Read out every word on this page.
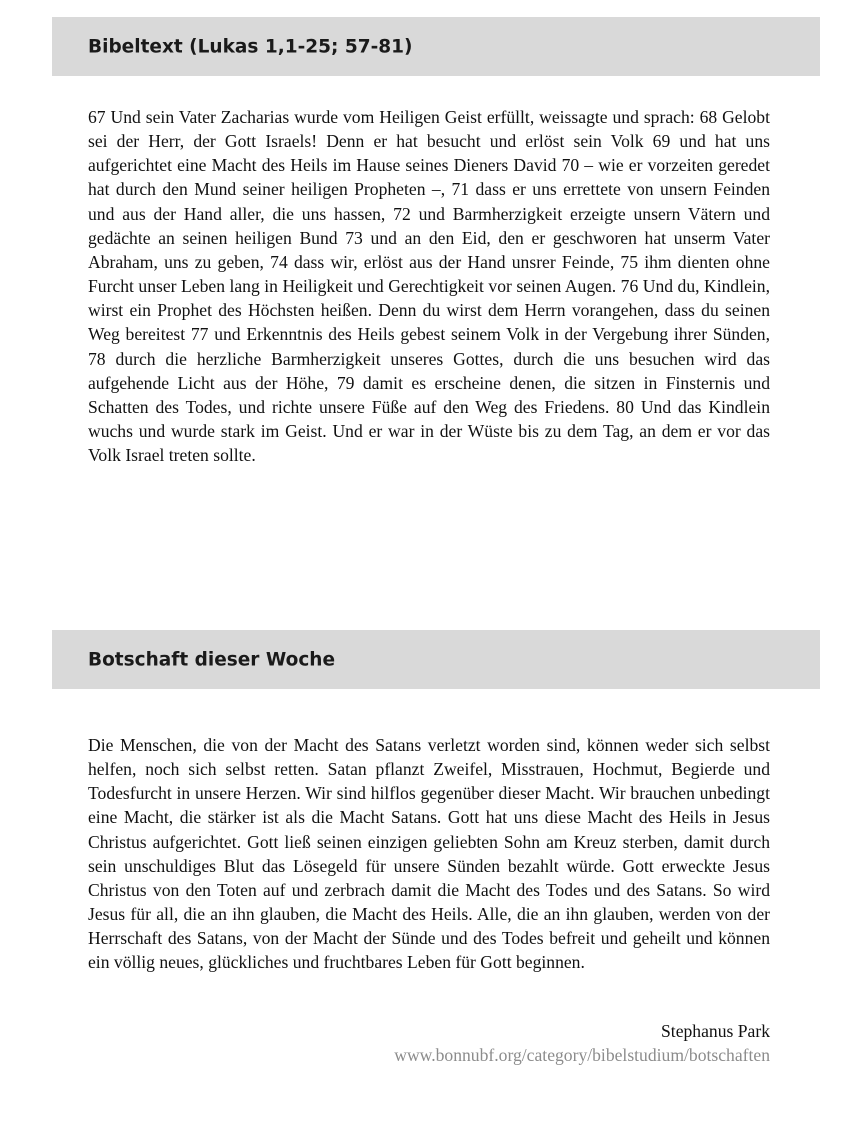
Bibeltext (Lukas 1,1-25; 57-81)

67 Und sein Vater Zacharias wurde vom Heiligen Geist erfüllt, weissagte und sprach: 68 Gelobt sei der Herr, der Gott Israels! Denn er hat besucht und erlöst sein Volk 69 und hat uns aufgerichtet eine Macht des Heils im Hause seines Dieners David 70 – wie er vorzeiten geredet hat durch den Mund seiner heiligen Propheten –, 71 dass er uns errettete von unsern Feinden und aus der Hand aller, die uns hassen, 72 und Barmherzigkeit erzeigte unsern Vätern und gedächte an seinen heiligen Bund 73 und an den Eid, den er geschworen hat unserm Vater Abraham, uns zu geben, 74 dass wir, erlöst aus der Hand unsrer Feinde, 75 ihm dienten ohne Furcht unser Leben lang in Heiligkeit und Gerechtigkeit vor seinen Augen. 76 Und du, Kindlein, wirst ein Prophet des Höchsten heißen. Denn du wirst dem Herrn vorangehen, dass du seinen Weg bereitest 77 und Erkenntnis des Heils gebest seinem Volk in der Vergebung ihrer Sünden, 78 durch die herzliche Barmherzigkeit unseres Gottes, durch die uns besuchen wird das aufgehende Licht aus der Höhe, 79 damit es erscheine denen, die sitzen in Finsternis und Schatten des Todes, und richte unsere Füße auf den Weg des Friedens. 80 Und das Kindlein wuchs und wurde stark im Geist. Und er war in der Wüste bis zu dem Tag, an dem er vor das Volk Israel treten sollte.

Botschaft dieser Woche

Die Menschen, die von der Macht des Satans verletzt worden sind, können weder sich selbst helfen, noch sich selbst retten. Satan pflanzt Zweifel, Misstrauen, Hochmut, Begierde und Todesfurcht in unsere Herzen. Wir sind hilflos gegenüber dieser Macht. Wir brauchen unbedingt eine Macht, die stärker ist als die Macht Satans. Gott hat uns diese Macht des Heils in Jesus Christus aufgerichtet. Gott ließ seinen einzigen geliebten Sohn am Kreuz sterben, damit durch sein unschuldiges Blut das Lösegeld für unsere Sünden bezahlt würde. Gott erweckte Jesus Christus von den Toten auf und zerbrach damit die Macht des Todes und des Satans. So wird Jesus für all, die an ihn glauben, die Macht des Heils. Alle, die an ihn glauben, werden von der Herrschaft des Satans, von der Macht der Sünde und des Todes befreit und geheilt und können ein völlig neues, glückliches und fruchtbares Leben für Gott beginnen.

Stephanus Park
www.bonnubf.org/category/bibelstudium/botschaften
